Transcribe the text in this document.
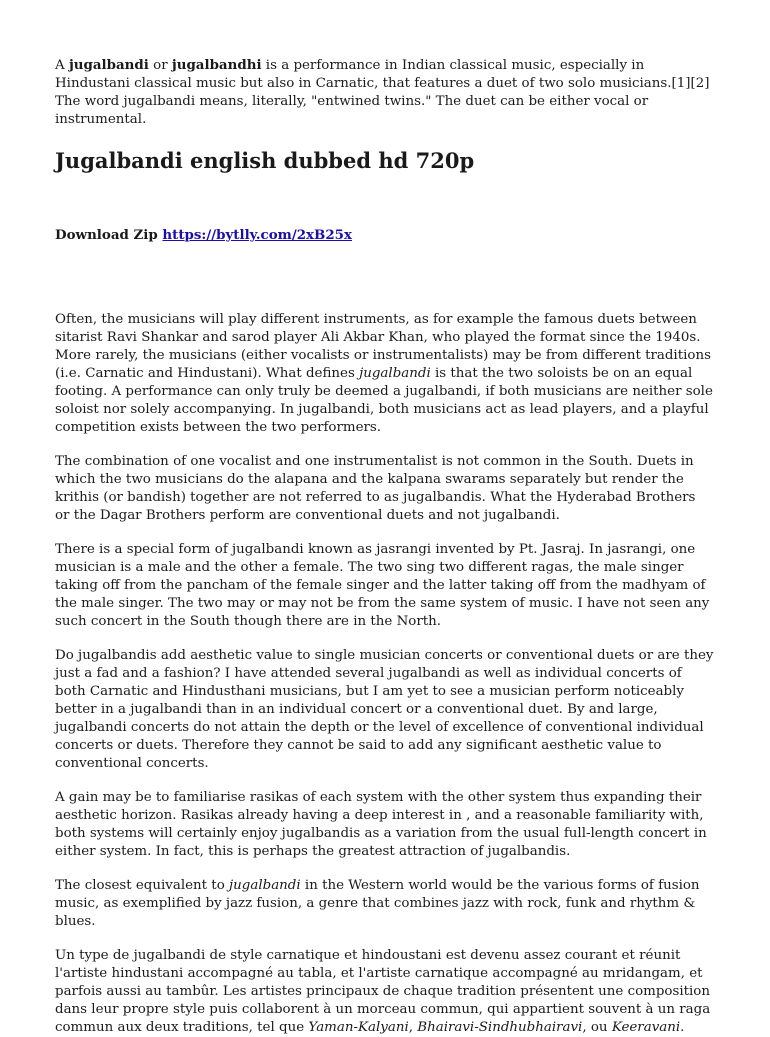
A jugalbandi or jugalbandhi is a performance in Indian classical music, especially in Hindustani classical music but also in Carnatic, that features a duet of two solo musicians.[1][2] The word jugalbandi means, literally, "entwined twins." The duet can be either vocal or instrumental.

Jugalbandi english dubbed hd 720p
Download Zip https://bytlly.com/2xB25x

Often, the musicians will play different instruments, as for example the famous duets between sitarist Ravi Shankar and sarod player Ali Akbar Khan, who played the format since the 1940s. More rarely, the musicians (either vocalists or instrumentalists) may be from different traditions (i.e. Carnatic and Hindustani). What defines jugalbandi is that the two soloists be on an equal footing. A performance can only truly be deemed a jugalbandi, if both musicians are neither sole soloist nor solely accompanying. In jugalbandi, both musicians act as lead players, and a playful competition exists between the two performers.

The combination of one vocalist and one instrumentalist is not common in the South. Duets in which the two musicians do the alapana and the kalpana swarams separately but render the krithis (or bandish) together are not referred to as jugalbandis. What the Hyderabad Brothers or the Dagar Brothers perform are conventional duets and not jugalbandi.

There is a special form of jugalbandi known as jasrangi invented by Pt. Jasraj. In jasrangi, one musician is a male and the other a female. The two sing two different ragas, the male singer taking off from the pancham of the female singer and the latter taking off from the madhyam of the male singer. The two may or may not be from the same system of music. I have not seen any such concert in the South though there are in the North.

Do jugalbandis add aesthetic value to single musician concerts or conventional duets or are they just a fad and a fashion? I have attended several jugalbandi as well as individual concerts of both Carnatic and Hindusthani musicians, but I am yet to see a musician perform noticeably better in a jugalbandi than in an individual concert or a conventional duet. By and large, jugalbandi concerts do not attain the depth or the level of excellence of conventional individual concerts or duets. Therefore they cannot be said to add any significant aesthetic value to conventional concerts.

A gain may be to familiarise rasikas of each system with the other system thus expanding their aesthetic horizon. Rasikas already having a deep interest in , and a reasonable familiarity with, both systems will certainly enjoy jugalbandis as a variation from the usual full-length concert in either system. In fact, this is perhaps the greatest attraction of jugalbandis.

The closest equivalent to jugalbandi in the Western world would be the various forms of fusion music, as exemplified by jazz fusion, a genre that combines jazz with rock, funk and rhythm & blues.

Un type de jugalbandi de style carnatique et hindoustani est devenu assez courant et réunit l'artiste hindustani accompagné au tabla, et l'artiste carnatique accompagné au mridangam, et parfois aussi au tambûr. Les artistes principaux de chaque tradition présentent une composition dans leur propre style puis collaborent à un morceau commun, qui appartient souvent à un raga commun aux deux traditions, tel que Yaman-Kalyani, Bhairavi-Sindhubhairavi, ou Keeravani.
